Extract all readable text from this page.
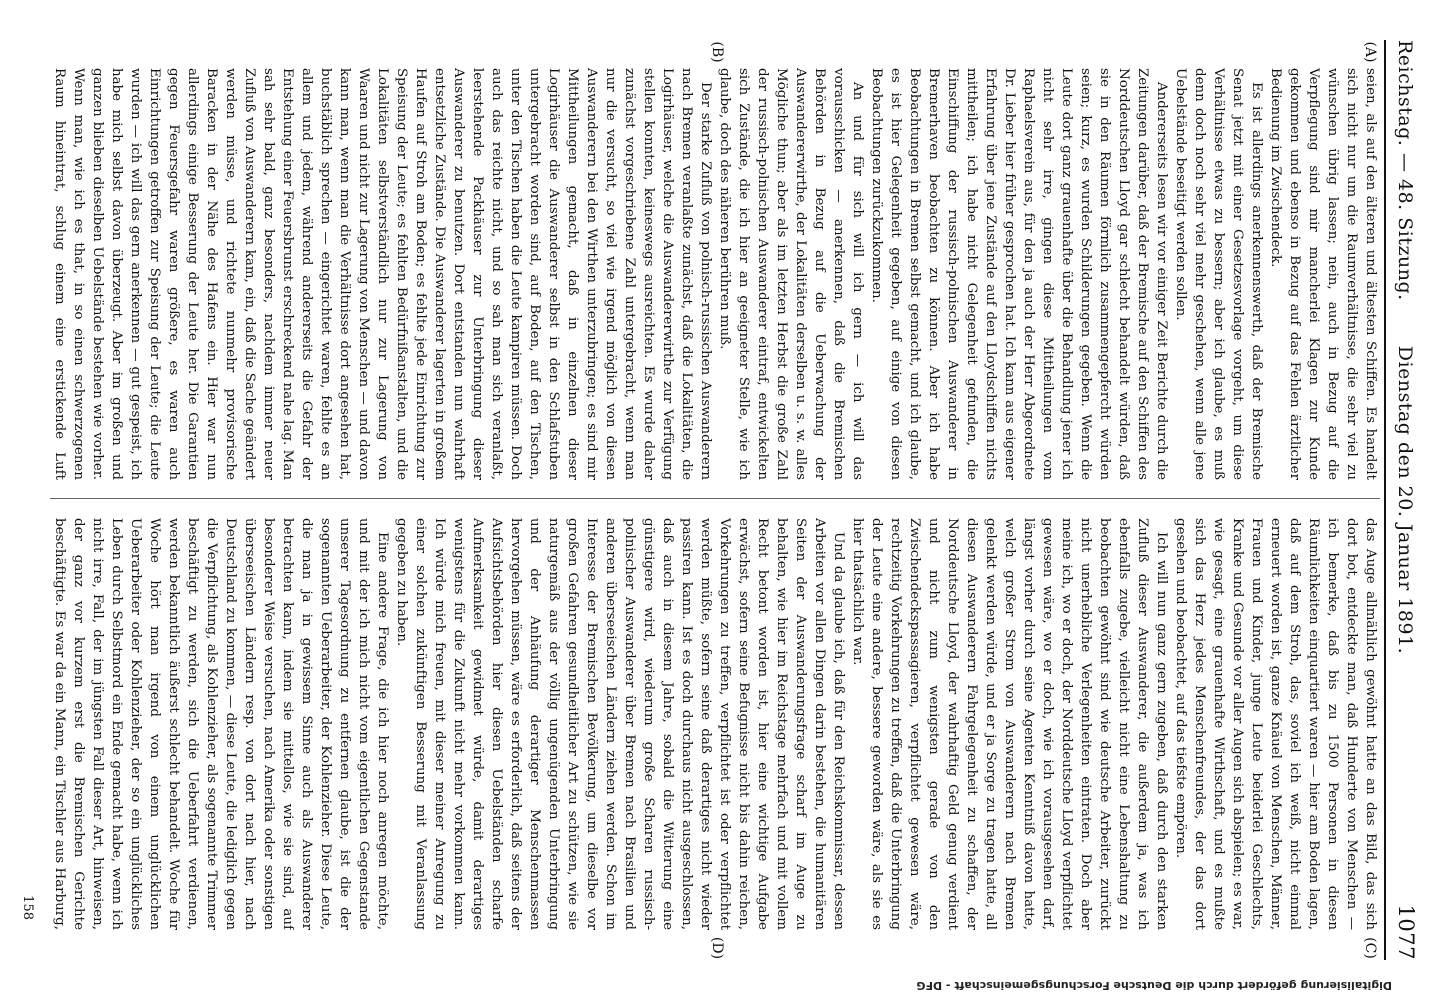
Reichstag. — 48. Sitzung.
Dienstag den 20. Januar 1891.
1077
(A)
(B)
(C)
(D)

seien, als auf den älteren und ältesten Schiffen. Es handelt sich nicht nur um die Raumverhältnisse, die sehr viel zu wünschen übrig lassen; nein, auch in Bezug auf die Verpflegung sind mir mancherlei Klagen zur Kunde gekommen und ebenso in Bezug auf das Fehlen ärztlicher Bedienung im Zwischendeck.

Es ist allerdings anerkennenswerth, daß der Bremische Senat jetzt mit einer Gesetzesvorlage vorgeht, um diese Verhältnisse etwas zu bessern; aber ich glaube, es muß denn doch noch sehr viel mehr geschehen, wenn alle jene Uebelstände beseitigt werden sollen.

Andererseits lesen wir vor einiger Zeit Berichte durch die Zeitungen darüber, daß der Bremische auf den Schiffen des Norddeutschen Lloyd gar schlecht behandelt würden, daß sie in den Räumen förmlich zusammengepfercht würden seien; kurz, es wurden Schilderungen gegeben. Wenn die Leute dort ganz grauenhafte über die Behandlung jener ich nicht sehr irre, gingen diese Mittheilungen vom Raphaelsverein aus, für den ja auch der Herr Abgeordnete Dr. Lieber hier früher gesprochen hat. Ich kann aus eigener Erfahrung über jene Zustände auf den Lloydschiffen nichts mittheilen; ich habe nicht Gelegenheit gefunden, die Einschiffung der russisch-polnischen Auswanderer in Bremerhaven beobachten zu können. Aber ich habe Beobachtungen in Bremen selbst gemacht, und ich glaube, es ist hier Gelegenheit gegeben, auf einige von diesen Beobachtungen zurückzukommen.

An und für sich will ich gern — ich will das vorausschicken — anerkennen, daß die Bremischen Behörden in Bezug auf die Ueberwachung der Auswandererwirthe, der Lokalitäten derselben u. s. w. alles Mögliche thun; aber als im letzten Herbst die große Zahl der russisch-polnischen Auswanderer eintraf, entwickelten sich Zustände, die ich hier an geeigneter Stelle, wie ich glaube, doch des näheren berühren muß.

Der starke Zufluß von polnisch-russischen Auswanderern nach Bremen veranlaßte zunächst, daß die Lokalitäten, die Logirhäuser, welche die Auswandererwirthe zur Verfügung stellen konnten, keineswegs ausreichten. Es wurde daher zunächst vorgeschriebene Zahl untergebracht, wenn man nur die versucht, so viel wie irgend möglich von diesen Auswanderern bei den Wirthen unterzubringen; es sind mir Mittheilungen gemacht, daß in einzelnen dieser Logirhäuser die Auswanderer selbst in den Schlafstuben untergebracht worden sind, auf Boden, auf den Tischen, unter den Tischen haben die Leute kampiren müssen. Doch auch das reichte nicht, und so sah man sich veranlaßt, leerstehende Packhäuser zur Unterbringung dieser Auswanderer zu benutzen. Dort entstanden nun wahrhaft entsetzliche Zustände. Die Auswanderer lagerten in großem Haufen auf Stroh am Boden; es fehlte jede Einrichtung zur Speisung der Leute; es fehlten Bedürfnißanstalten, und die Lokalitäten selbstverständlich nur zur Lagerung von Waaren und nicht zur Lagerung von Menschen — und davon kann man, wenn man die Verhältnisse dort angesehen hat, buchstäblich sprechen — eingerichtet waren, fehlte es an allem und jedem, während andererseits die Gefahr der Entstehung einer Feuersbrunst erschreckend nahe lag. Man sah sehr bald, ganz besonders, nachdem immer neuer Zufluß von Auswanderern kam, ein, daß die Sache geändert werden müsse, und richtete nunmehr provisorische Baracken in der Nähe des Hafens ein. Hier war nun allerdings einige Besserung der Leute her. Die Garantien gegen Feuersgefahr waren größere, es waren auch Einrichtungen getroffen zur Speisung der Leute; die Leute wurden — ich will das gern anerkennen — gut gespeist, ich habe mich selbst davon überzeugt. Aber im großen und ganzen blieben dieselben Uebelstände bestehen wie vorher. Wenn man, wie ich es that, in so einen schwerzogenen Raum hineintrat, schlug einem eine erstickende Luft

das Auge allmählich gewöhnt hatte an das Bild, das sich dort bot, entdeckte man, daß Hunderte von Menschen — ich bemerke, daß bis zu 1500 Personen in diesen Räumlichkeiten einquartiert waren — hier am Boden lagen, daß auf dem Stroh, das, soviel ich weiß, nicht einmal erneuert worden ist, ganze Knäuel von Menschen, Männer, Frauen und Kinder, junge Leute beiderlei Geschlechts, Kranke und Gesunde vor aller Augen sich abspielen; es war, wie gesagt, eine grauenhafte Wirthschaft, und es mußte sich das Herz jedes Menschenfreundes, der das dort gesehen und beobachtet, auf das tiefste empören.

Ich will nun ganz gern zugeben, daß durch den starken Zufluß dieser Auswanderer, die außerdem ja, was ich ebenfalls zugebe, vielleicht nicht eine Lebenshaltung zu beobachten gewöhnt sind wie deutsche Arbeiter, zurückt nicht unerhebliche Verlegenheiten eintraten. Doch aber meine ich, wo er doch, der Norddeutsche Lloyd verpflichtet gewesen wäre, wo er doch, wie ich vorausgesehen darf, längst vorher durch seine Agenten Kenntniß davon hatte, welch großer Strom von Auswanderern nach Bremen gelenkt werden würde, und er ja Sorge zu tragen hatte, all diesen Auswanderern Fahrgelegenheit zu schaffen, der Norddeutsche Lloyd, der wahrhaftig Geld genug verdient und nicht zum wenigsten gerade von den Zwischendeckspassagieren, verpflichtet gewesen wäre, rechtzeitig Vorkehrungen zu treffen, daß die Unterbringung der Leute eine andere, bessere geworden wäre, als sie es hier thatsächlich war.

Und da glaube ich, daß für den Reichskommissar, dessen Arbeiten vor allen Dingen darin bestehen, die humanitären Seiten der Auswanderungsfrage scharf im Auge zu behalten, wie hier im Reichstage mehrfach und mit vollem Recht betont worden ist, hier eine wichtige Aufgabe erwächst, sofern seine Befugnisse nicht bis dahin reichen, Vorkehrungen zu treffen, verpflichtet ist oder verpflichtet werden müßte, sofern seine daß derartiges nicht wieder passiren kann. Ist es doch durchaus nicht ausgeschlossen, daß auch in diesem Jahre, sobald die Witterung eine günstigere wird, wiederum große Scharen russisch-polnischer Auswanderer über Bremen nach Brasilien und anderen überseeischen Ländern ziehen werden. Schon im Interesse der Bremischen Bevölkerung, um dieselbe vor großen Gefahren gesundheitlicher Art zu schützen, wie sie naturgemäß aus der völlig ungenügenden Unterbringung und der Anhäufung derartiger Menschenmassen hervorgehen müssen, wäre es erforderlich, daß seitens der Aufsichtsbehörden hier diesen Uebelständen scharfe Aufmerksamkeit gewidmet würde, damit derartiges wenigstens für die Zukunft nicht mehr vorkommen kann. Ich würde mich freuen, mit dieser meiner Anregung zu einer solchen zukünftigen Besserung mit Veranlassung gegeben zu haben.

Eine andere Frage, die ich hier noch anregen möchte, und mit der ich mich nicht vom eigentlichen Gegenstande unserer Tagesordnung zu entfernen glaube, ist die der sogenannten Ueberarbeiter, der Kohlenzieher. Diese Leute, die man ja in gewissem Sinne auch als Auswanderer betrachten kann, indem sie mittellos, wie sie sind, auf besonderer Weise versuchen, nach Amerika oder sonstigen überseeischen Ländern resp. von dort nach hier, nach Deutschland zu kommen, — diese Leute, die lediglich gegen die Verpflichtung, als Kohlenzieher, als sogenannte Trimmer beschäftigt zu werden, sich die Ueberfahrt verdienen, werden bekanntlich äußerst schlecht behandelt. Woche für Woche hört man irgend von einem unglücklichen Ueberarbeiter oder Kohlenzieher, der so ein unglückliches Leben durch Selbstmord ein Ende gemacht habe, wenn ich nicht irre, Fall, der im jüngsten Fall dieser Art, hinweisen, der ganz vor kurzem erst die Bremischen Gerichte beschäftigte. Es war da ein Mann, ein Tischler aus Harburg,

158
Digitalisierung gefördert durch die Deutsche Forschungsgemeinschaft - DFG
